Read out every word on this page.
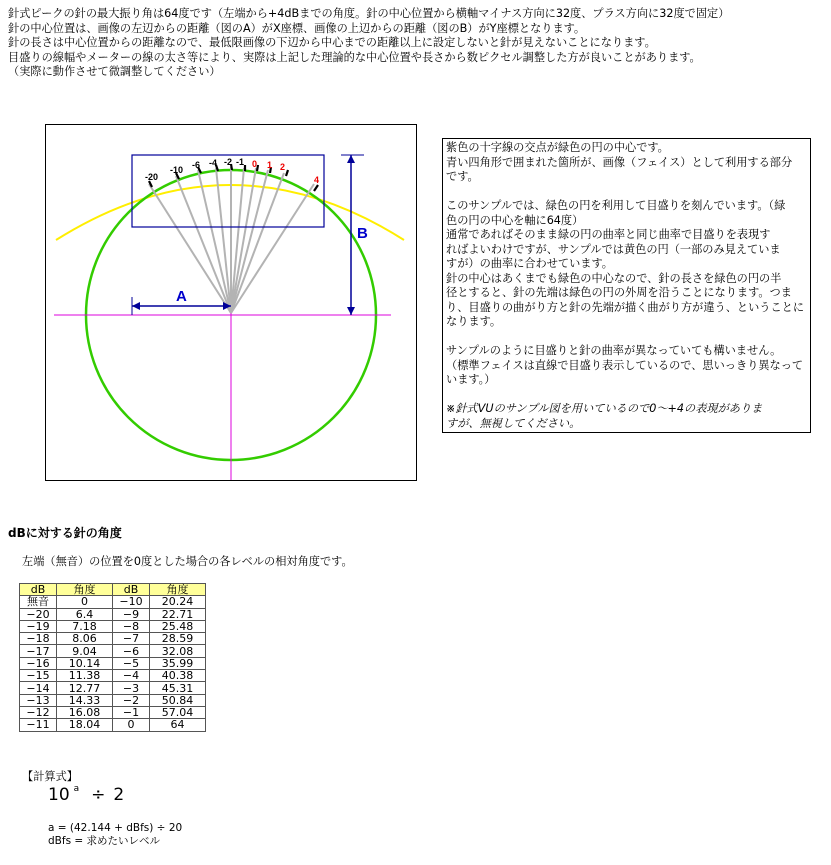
針式ピークの針の最大振り角は64度です（左端から+4dBまでの角度。針の中心位置から横軸マイナス方向に32度、プラス方向に32度で固定）
針の中心位置は、画像の左辺からの距離（図のA）がX座標、画像の上辺からの距離（図のB）がY座標となります。
針の長さは中心位置からの距離なので、最低限画像の下辺から中心までの距離以上に設定しないと針が見えないことになります。
目盛りの線幅やメーターの線の太さ等により、実際は上記した理論的な中心位置や長さから数ピクセル調整した方が良いことがあります。
（実際に動作させて微調整してください）
-20
-10 -6 -4 -2 -1 0 1 2
4
A
B

紫色の十字線の交点が緑色の円の中心です。

青い四角形で囲まれた箇所が、画像（フェイス）として利用する部分

です。

このサンプルでは、緑色の円を利用して目盛りを刻んでいます。（緑

色の円の中心を軸に64度）

通常であればそのまま緑の円の曲率と同じ曲率で目盛りを表現す

ればよいわけですが、サンプルでは黄色の円（一部のみ見えていま

すが）の曲率に合わせています。

針の中心はあくまでも緑色の中心なので、針の長さを緑色の円の半

径とすると、針の先端は緑色の円の外周を沿うことになります。つま

り、目盛りの曲がり方と針の先端が描く曲がり方が違う、ということに

なります。

サンプルのように目盛りと針の曲率が異なっていても構いません。

（標準フェイスは直線で目盛り表示しているので、思いっきり異なって

います。）

※針式VUのサンプル図を用いているので0～+4の表現がありま

すが、無視してください。

dBに対する針の角度
左端（無音）の位置を0度とした場合の各レベルの相対角度です。
dB	角度	dB	角度
無音	0	−10	20.24
−20	6.4	−9	22.71
−19	7.18	−8	25.48
−18	8.06	−7	28.59
−17	9.04	−6	32.08
−16	10.14	−5	35.99
−15	11.38	−4	40.38
−14	12.77	−3	45.31
−13	14.33	−2	50.84
−12	16.08	−1	57.04
−11	18.04	0	64
【計算式】
10 $^a$ ÷ 2
a = (42.144 + dBfs) ÷ 20
dBfs = 求めたいレベル
